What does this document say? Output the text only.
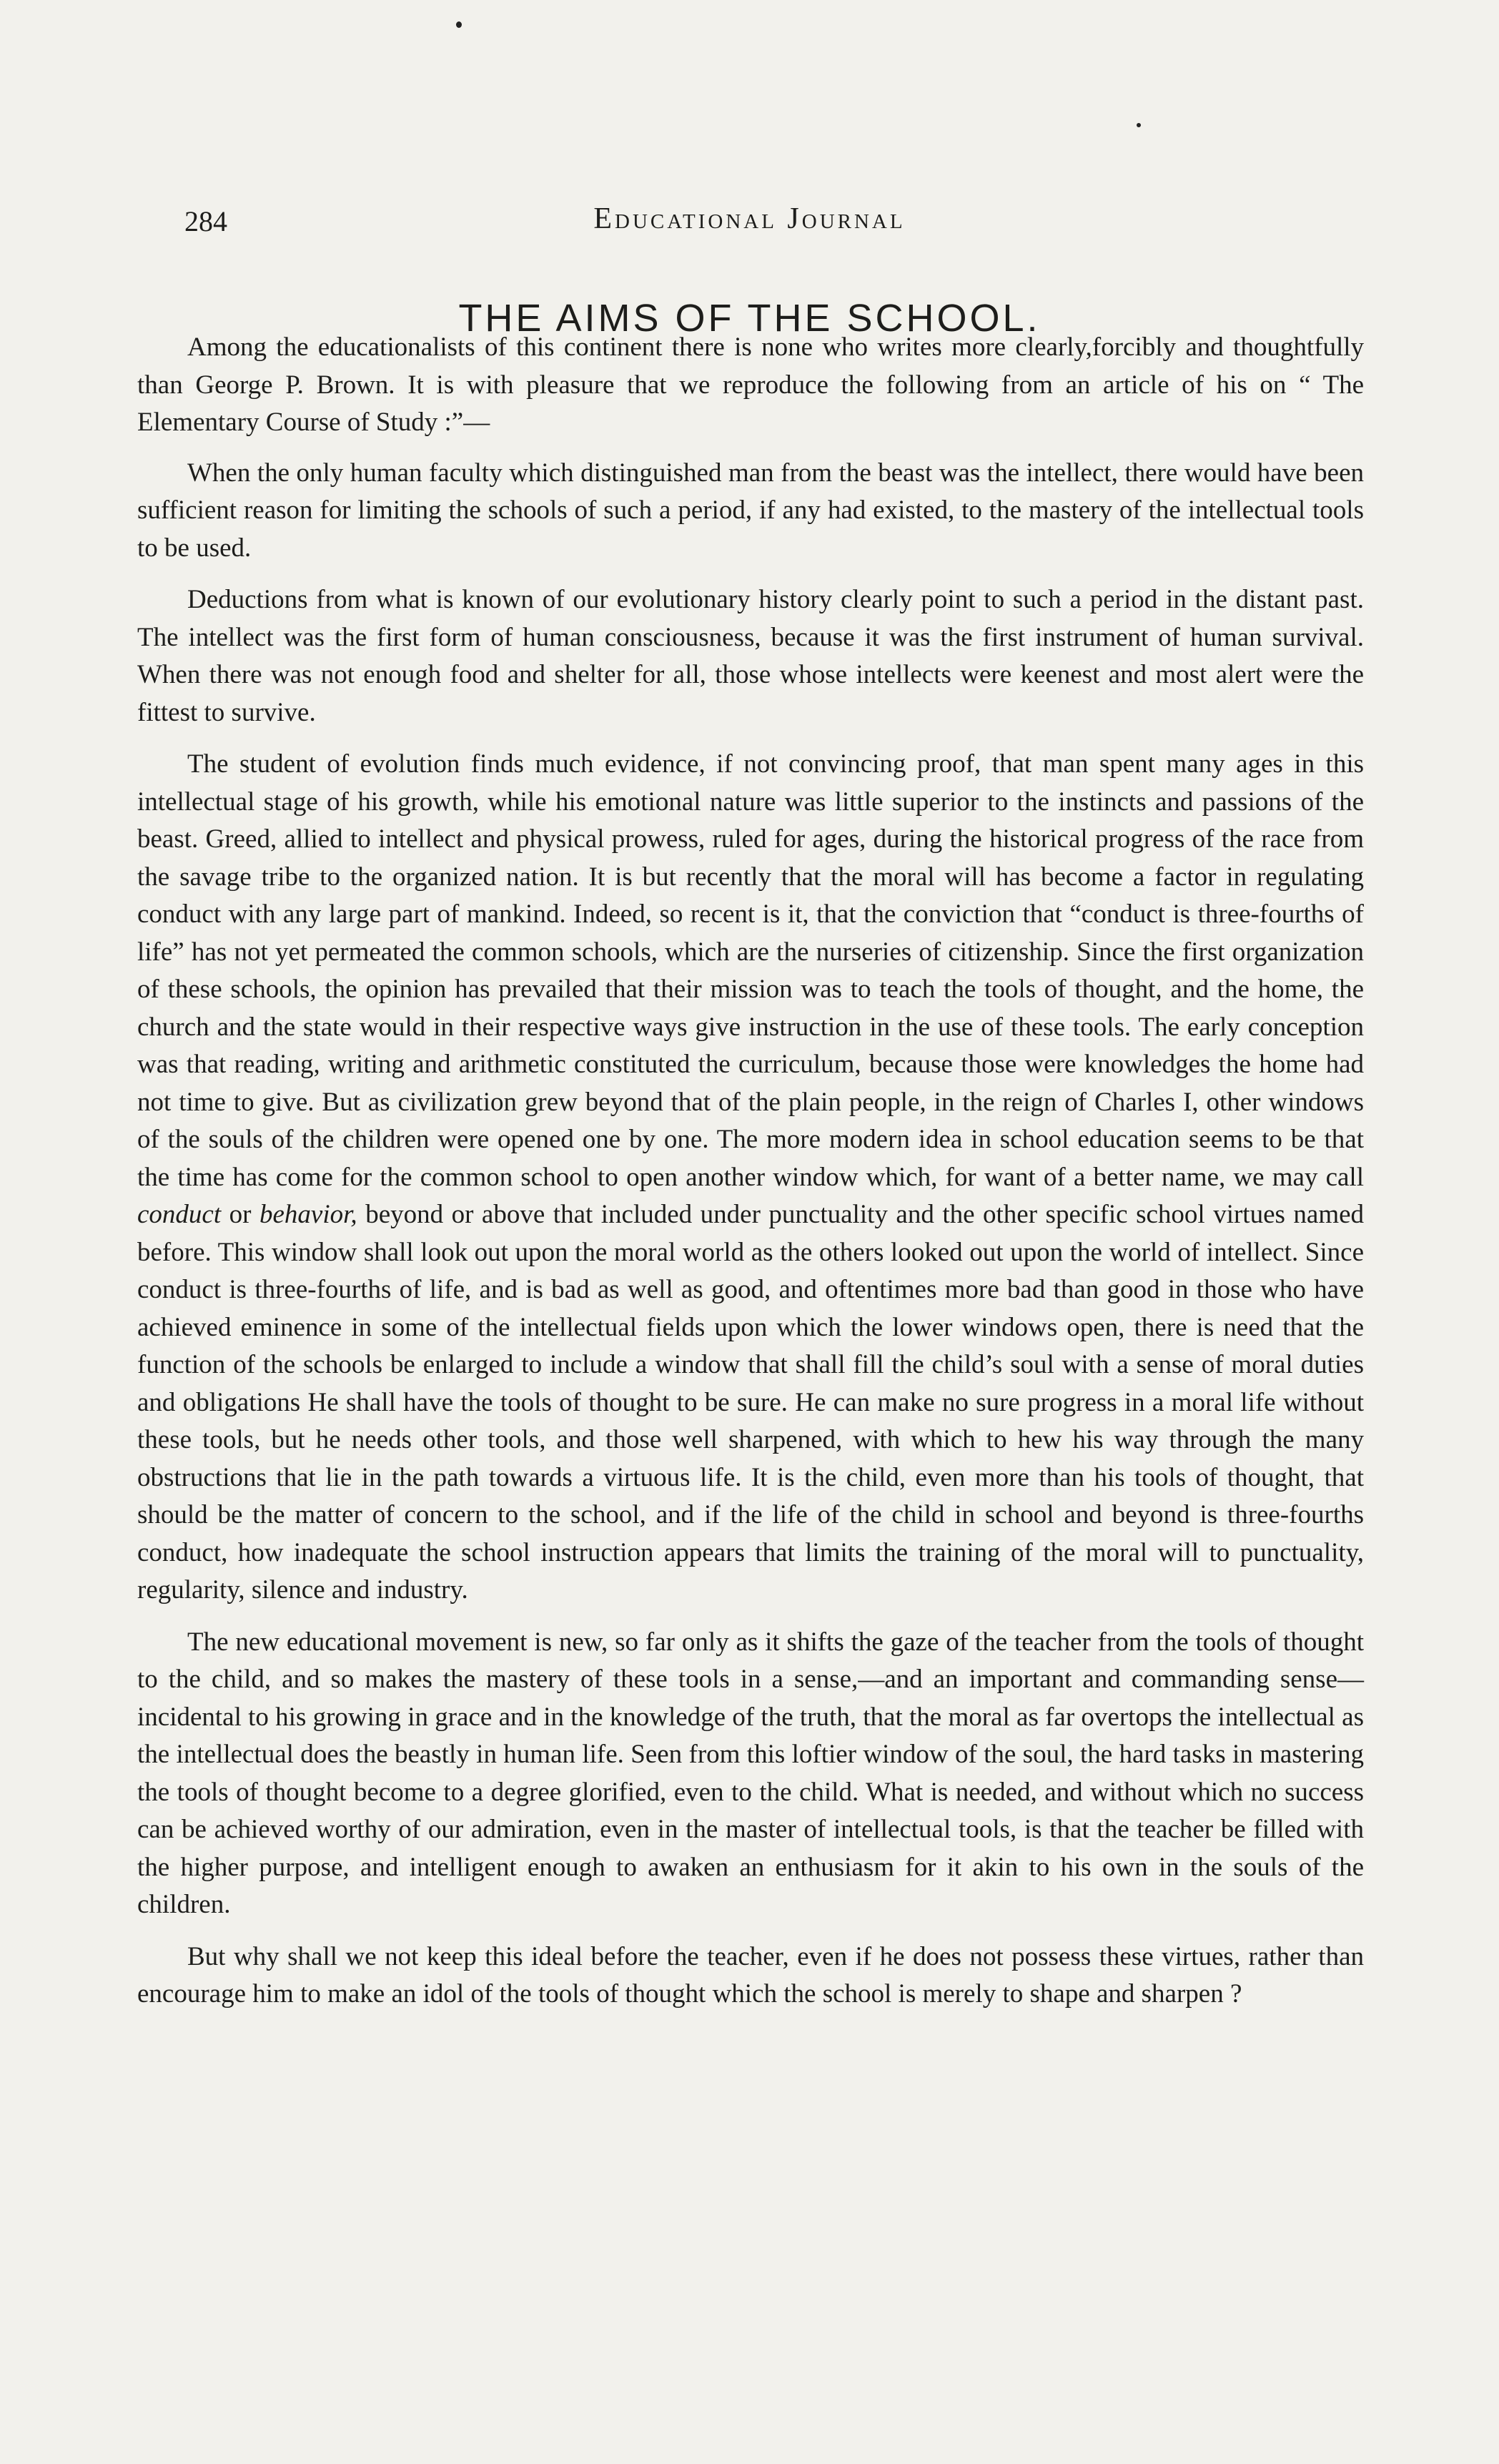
284	Educational Journal
THE AIMS OF THE SCHOOL.

Among the educationalists of this continent there is none who writes more clearly,forcibly and thoughtfully than George P. Brown. It is with pleasure that we reproduce the following from an article of his on “ The Elementary Course of Study :”—

When the only human faculty which distinguished man from the beast was the intellect, there would have been sufficient reason for limiting the schools of such a period, if any had existed, to the mastery of the intellectual tools to be used.

Deductions from what is known of our evolutionary history clearly point to such a period in the distant past. The intellect was the first form of human consciousness, because it was the first instrument of human survival. When there was not enough food and shelter for all, those whose intellects were keenest and most alert were the fittest to survive.

The student of evolution finds much evidence, if not convincing proof, that man spent many ages in this intellectual stage of his growth, while his emotional nature was little superior to the instincts and passions of the beast. Greed, allied to intellect and physical prowess, ruled for ages, during the historical progress of the race from the savage tribe to the organized nation. It is but recently that the moral will has become a factor in regulating conduct with any large part of mankind. Indeed, so recent is it, that the conviction that “conduct is three-fourths of life” has not yet permeated the common schools, which are the nurseries of citizenship. Since the first organization of these schools, the opinion has prevailed that their mission was to teach the tools of thought, and the home, the church and the state would in their respective ways give instruction in the use of these tools. The early conception was that reading, writing and arithmetic constituted the curriculum, because those were knowledges the home had not time to give. But as civilization grew beyond that of the plain people, in the reign of Charles I, other windows of the souls of the children were opened one by one. The more modern idea in school education seems to be that the time has come for the common school to open another window which, for want of a better name, we may call conduct or behavior, beyond or above that included under punctuality and the other specific school virtues named before. This window shall look out upon the moral world as the others looked out upon the world of intellect. Since conduct is three-fourths of life, and is bad as well as good, and oftentimes more bad than good in those who have achieved eminence in some of the intellectual fields upon which the lower windows open, there is need that the function of the schools be enlarged to include a window that shall fill the child’s soul with a sense of moral duties and obligations He shall have the tools of thought to be sure. He can make no sure progress in a moral life without these tools, but he needs other tools, and those well sharpened, with which to hew his way through the many obstructions that lie in the path towards a virtuous life. It is the child, even more than his tools of thought, that should be the matter of concern to the school, and if the life of the child in school and beyond is three-fourths conduct, how inadequate the school instruction appears that limits the training of the moral will to punctuality, regularity, silence and industry.

The new educational movement is new, so far only as it shifts the gaze of the teacher from the tools of thought to the child, and so makes the mastery of these tools in a sense,—and an important and commanding sense—incidental to his growing in grace and in the knowledge of the truth, that the moral as far overtops the intellectual as the intellectual does the beastly in human life. Seen from this loftier window of the soul, the hard tasks in mastering the tools of thought become to a degree glorified, even to the child. What is needed, and without which no success can be achieved worthy of our admiration, even in the master of intellectual tools, is that the teacher be filled with the higher purpose, and intelligent enough to awaken an enthusiasm for it akin to his own in the souls of the children.

But why shall we not keep this ideal before the teacher, even if he does not possess these virtues, rather than encourage him to make an idol of the tools of thought which the school is merely to shape and sharpen ?
